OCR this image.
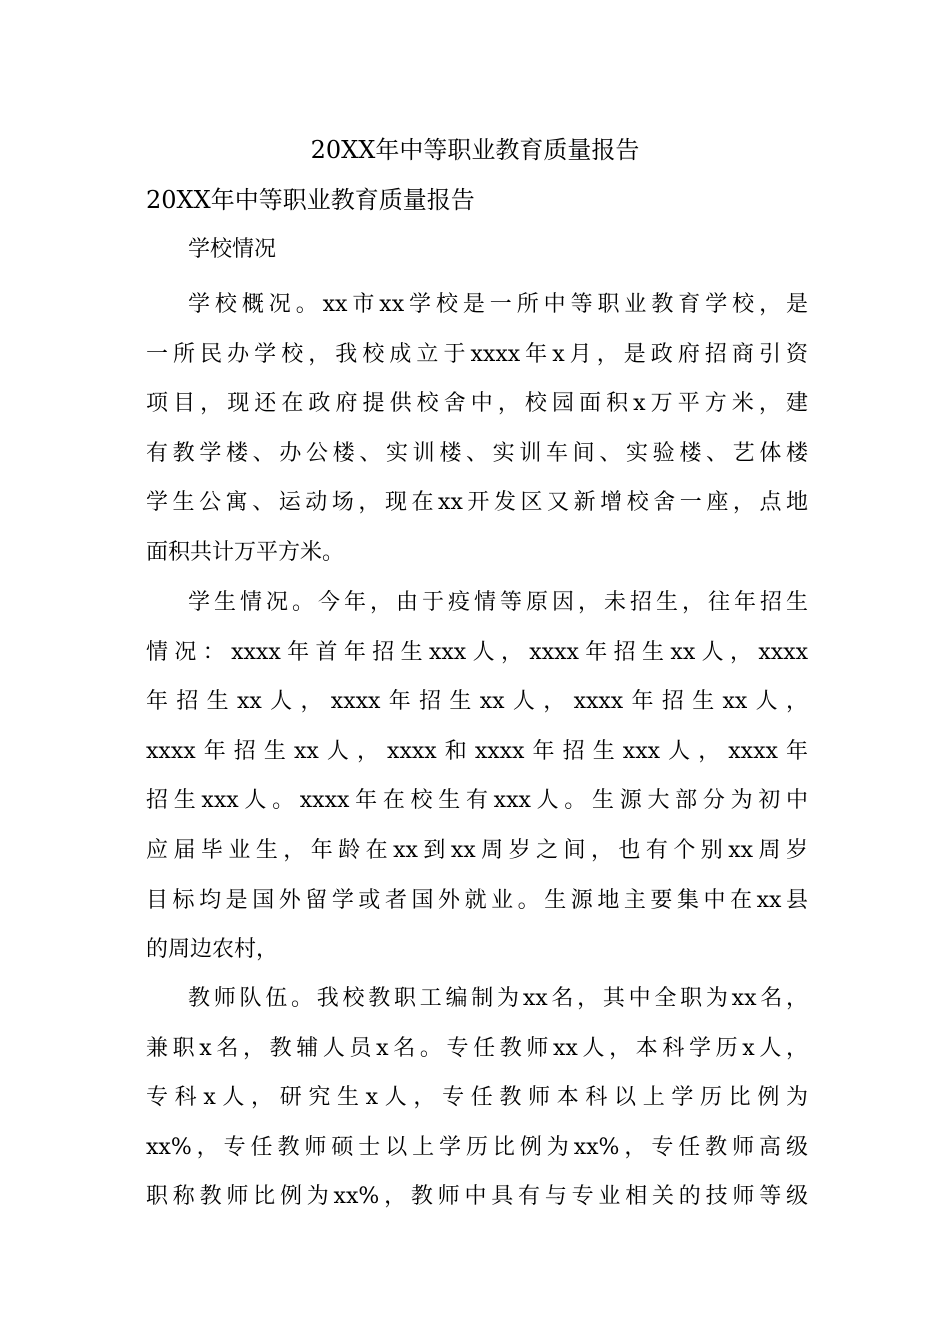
20XX年中等职业教育质量报告
20XX年中等职业教育质量报告

学校情况

学校概况。xx市xx学校是一所中等职业教育学校，是
一所民办学校，我校成立于xxxx年x月，是政府招商引资
项目，现还在政府提供校舍中，校园面积x万平方米，建
有教学楼、办公楼、实训楼、实训车间、实验楼、艺体楼
学生公寓、运动场，现在xx开发区又新增校舍一座，点地
面积共计万平方米。

学生情况。今年，由于疫情等原因，未招生，往年招生
情况：xxxx年首年招生xxx人，xxxx年招生xx人，xxxx
年招生xx人，xxxx年招生xx人，xxxx年招生xx人，
xxxx年招生xx人，xxxx和xxxx年招生xxx人，xxxx年
招生xxx人。xxxx年在校生有xxx人。生源大部分为初中
应届毕业生，年龄在xx到xx周岁之间，也有个别xx周岁
目标均是国外留学或者国外就业。生源地主要集中在xx县
的周边农村，

教师队伍。我校教职工编制为xx名，其中全职为xx名，
兼职x名，教辅人员x名。专任教师xx人，本科学历x人，
专科x人，研究生x人，专任教师本科以上学历比例为
xx%，专任教师硕士以上学历比例为xx%，专任教师高级
职称教师比例为xx%，教师中具有与专业相关的技师等级
